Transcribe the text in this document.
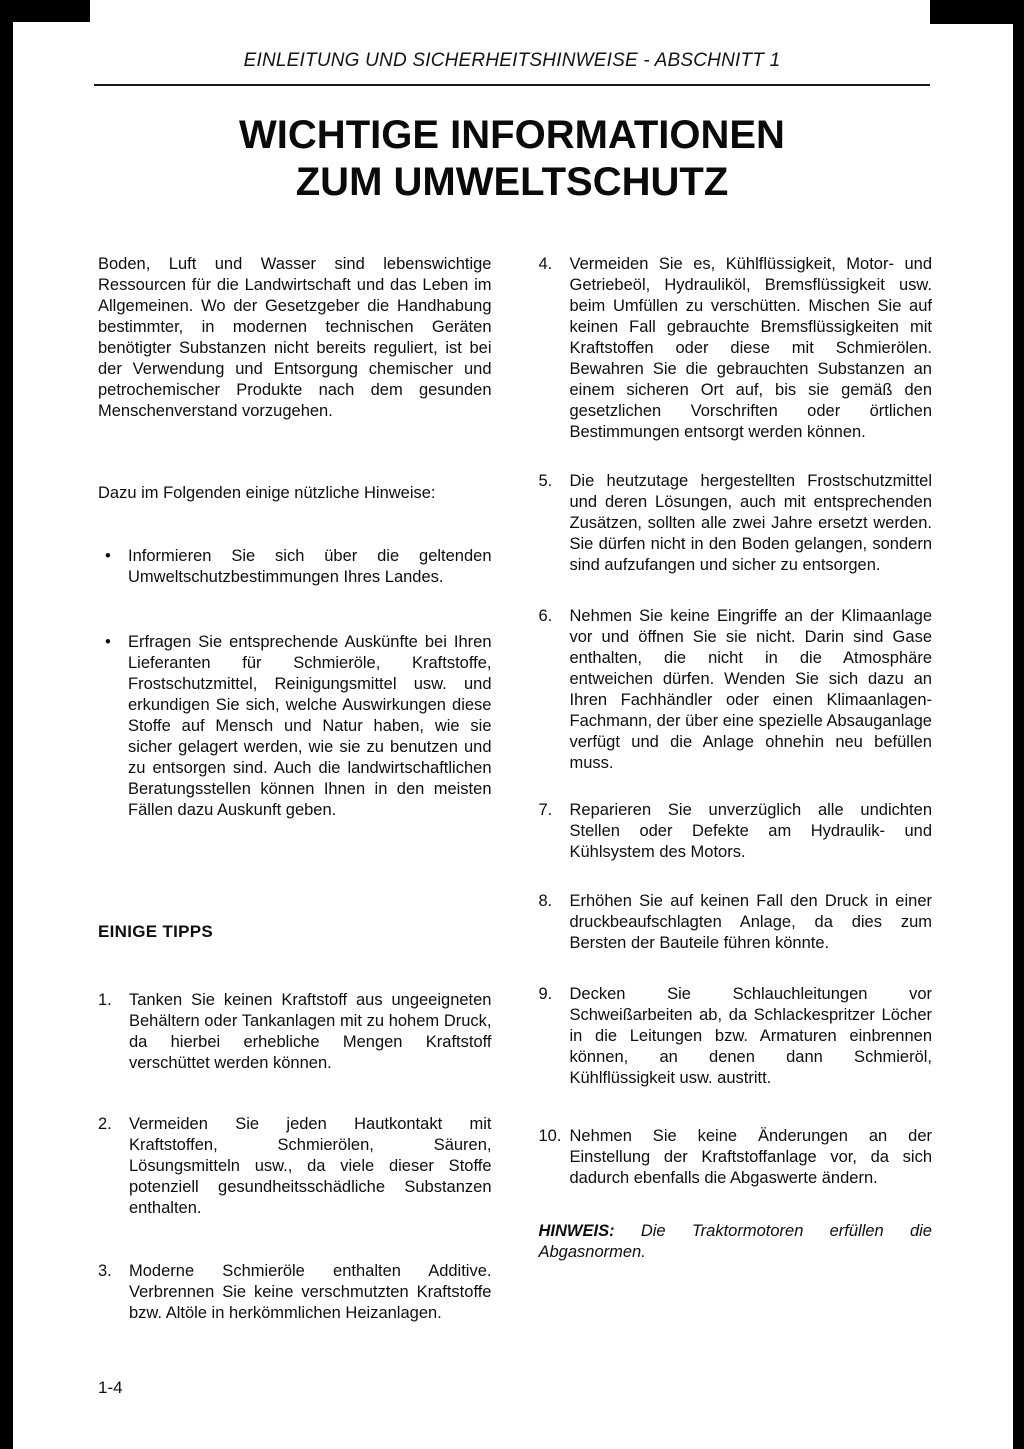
EINLEITUNG UND SICHERHEITSHINWEISE - ABSCHNITT 1
WICHTIGE INFORMATIONEN
ZUM UMWELTSCHUTZ

Boden, Luft und Wasser sind lebenswichtige Ressourcen für die Landwirtschaft und das Leben im Allgemeinen. Wo der Gesetzgeber die Handhabung bestimmter, in modernen technischen Geräten benötigter Substanzen nicht bereits reguliert, ist bei der Verwendung und Entsorgung chemischer und petrochemischer Produkte nach dem gesunden Menschenverstand vorzugehen.

Dazu im Folgenden einige nützliche Hinweise:

•	Informieren Sie sich über die geltenden Umweltschutzbestimmungen Ihres Landes.
•	Erfragen Sie entsprechende Auskünfte bei Ihren Lieferanten für Schmieröle, Kraftstoffe, Frostschutzmittel, Reinigungsmittel usw. und erkundigen Sie sich, welche Auswirkungen diese Stoffe auf Mensch und Natur haben, wie sie sicher gelagert werden, wie sie zu benutzen und zu entsorgen sind. Auch die landwirtschaftlichen Beratungsstellen können Ihnen in den meisten Fällen dazu Auskunft geben.
EINIGE TIPPS
1.	Tanken Sie keinen Kraftstoff aus ungeeigneten Behältern oder Tankanlagen mit zu hohem Druck, da hierbei erhebliche Mengen Kraftstoff verschüttet werden können.
2.	Vermeiden Sie jeden Hautkontakt mit Kraftstoffen, Schmierölen, Säuren, Lösungsmitteln usw., da viele dieser Stoffe potenziell gesundheitsschädliche Substanzen enthalten.
3.	Moderne Schmieröle enthalten Additive. Verbrennen Sie keine verschmutzten Kraftstoffe bzw. Altöle in herkömmlichen Heizanlagen.
1-4
4.	Vermeiden Sie es, Kühlflüssigkeit, Motor- und Getriebeöl, Hydrauliköl, Bremsflüssigkeit usw. beim Umfüllen zu verschütten. Mischen Sie auf keinen Fall gebrauchte Bremsflüssigkeiten mit Kraftstoffen oder diese mit Schmierölen. Bewahren Sie die gebrauchten Substanzen an einem sicheren Ort auf, bis sie gemäß den gesetzlichen Vorschriften oder örtlichen Bestimmungen entsorgt werden können.
5.	Die heutzutage hergestellten Frostschutzmittel und deren Lösungen, auch mit entsprechenden Zusätzen, sollten alle zwei Jahre ersetzt werden. Sie dürfen nicht in den Boden gelangen, sondern sind aufzufangen und sicher zu entsorgen.
6.	Nehmen Sie keine Eingriffe an der Klimaanlage vor und öffnen Sie sie nicht. Darin sind Gase enthalten, die nicht in die Atmosphäre entweichen dürfen. Wenden Sie sich dazu an Ihren Fachhändler oder einen Klimaanlagen-Fachmann, der über eine spezielle Absauganlage verfügt und die Anlage ohnehin neu befüllen muss.
7.	Reparieren Sie unverzüglich alle undichten Stellen oder Defekte am Hydraulik- und Kühlsystem des Motors.
8.	Erhöhen Sie auf keinen Fall den Druck in einer druckbeaufschlagten Anlage, da dies zum Bersten der Bauteile führen könnte.
9.	Decken Sie Schlauchleitungen vor Schweißarbeiten ab, da Schlackespritzer Löcher in die Leitungen bzw. Armaturen einbrennen können, an denen dann Schmieröl, Kühlflüssigkeit usw. austritt.
10. Nehmen Sie keine Änderungen an der Einstellung der Kraftstoffanlage vor, da sich dadurch ebenfalls die Abgaswerte ändern.

HINWEIS: Die Traktormotoren erfüllen die Abgasnormen.
